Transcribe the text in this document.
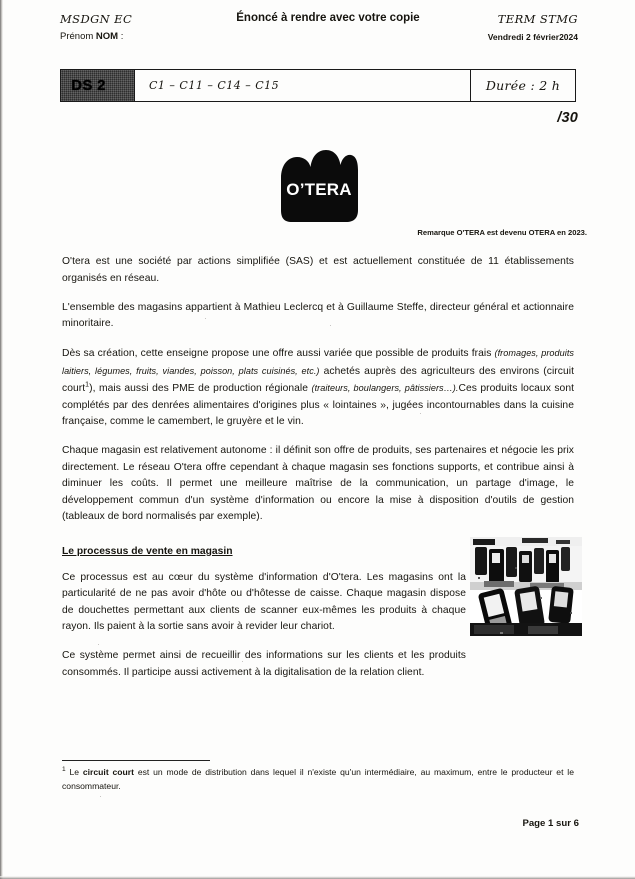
MSDGN EC
Prénom NOM :
Énoncé à rendre avec votre copie	TERM STMG
Vendredi 2 février2024
DS 2	C1 – C11 – C14 – C15	Durée : 2 h
/30
O’TERA
Remarque O'TERA est devenu OTERA en 2023.

O'tera est une société par actions simplifiée (SAS) et est actuellement constituée de 11 établissements organisés en réseau.

L'ensemble des magasins appartient à Mathieu Leclercq et à Guillaume Steffe, directeur général et actionnaire minoritaire.

Dès sa création, cette enseigne propose une offre aussi variée que possible de produits frais (fromages, produits laitiers, légumes, fruits, viandes, poisson, plats cuisinés, etc.) achetés auprès des agriculteurs des environs (circuit court$^1$), mais aussi des PME de production régionale (traiteurs, boulangers, pâtissiers…).Ces produits locaux sont complétés par des denrées alimentaires d'origines plus « lointaines », jugées incontournables dans la cuisine française, comme le camembert, le gruyère et le vin.

Chaque magasin est relativement autonome : il définit son offre de produits, ses partenaires et négocie les prix directement. Le réseau O'tera offre cependant à chaque magasin ses fonctions supports, et contribue ainsi à diminuer les coûts. Il permet une meilleure maîtrise de la communication, un partage d'image, le développement commun d'un système d'information ou encore la mise à disposition d'outils de gestion (tableaux de bord normalisés par exemple).

Le processus de vente en magasin

Ce processus est au cœur du système d'information d'O'tera. Les magasins ont la particularité de ne pas avoir d'hôte ou d'hôtesse de caisse. Chaque magasin dispose de douchettes permettant aux clients de scanner eux-mêmes les produits à chaque rayon. Ils paient à la sortie sans avoir à revider leur chariot.

Ce système permet ainsi de recueillir des informations sur les clients et les produits consommés. Il participe aussi activement à la digitalisation de la relation client.

$^1$ Le circuit court est un mode de distribution dans lequel il n'existe qu'un intermédiaire, au maximum, entre le producteur et le consommateur.
Page 1 sur 6
